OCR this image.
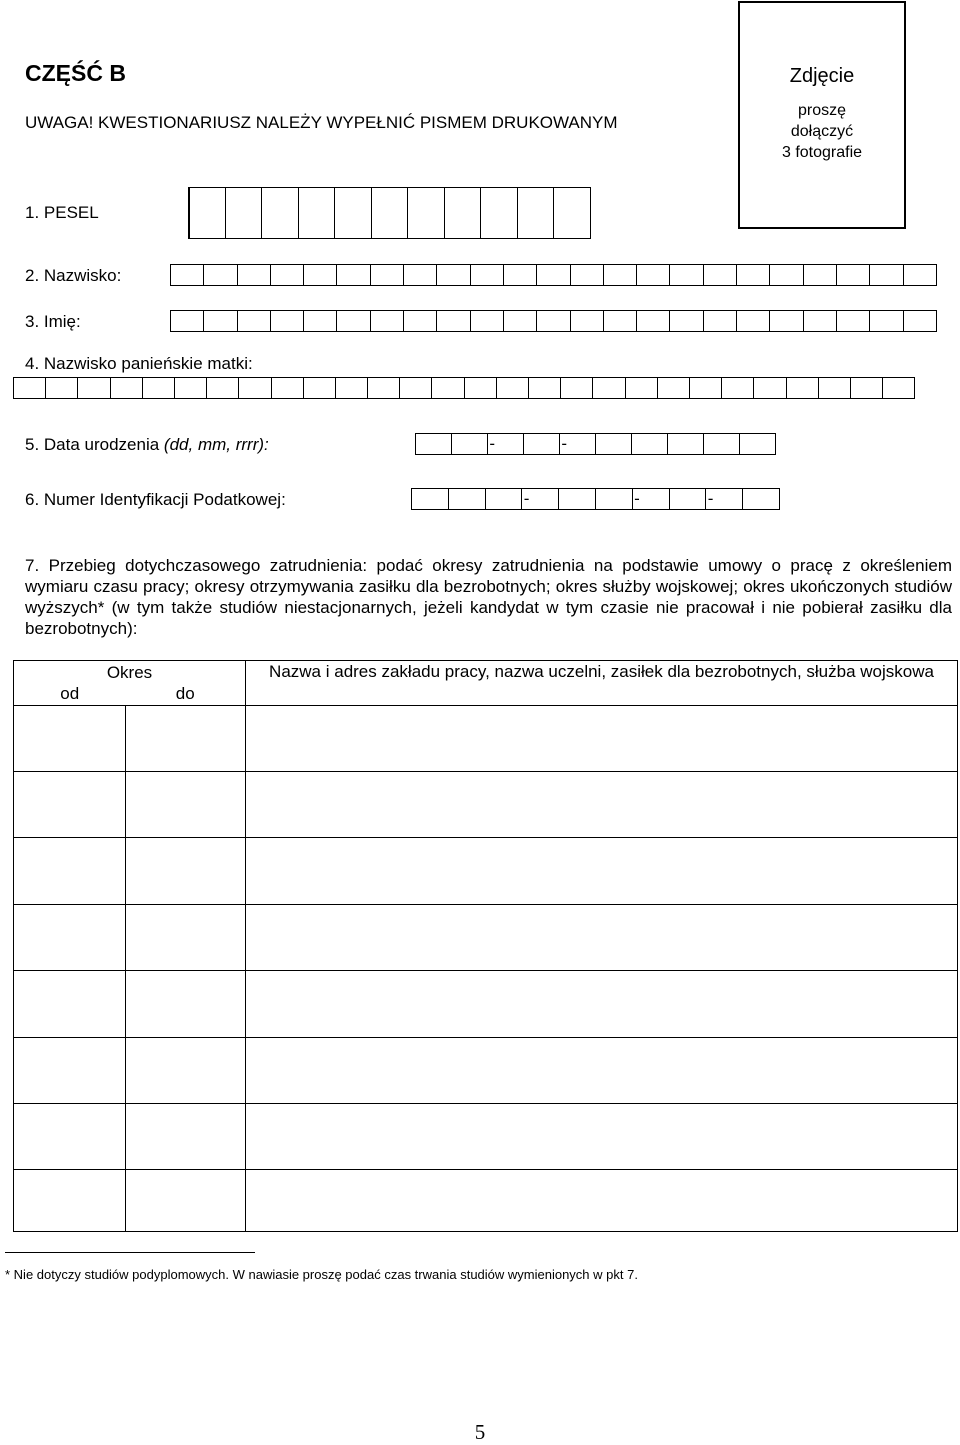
CZĘŚĆ B
UWAGA! KWESTIONARIUSZ NALEŻY WYPEŁNIĆ PISMEM DRUKOWANYM
Zdjęcie
proszę
dołączyć
3 fotografie
1. PESEL
2. Nazwisko:
3. Imię:
4. Nazwisko panieńskie matki:
5. Data urodzenia (dd, mm, rrrr):	-	-
6. Numer Identyfikacji Podatkowej:	-	-	-
7. Przebieg dotychczasowego zatrudnienia: podać okresy zatrudnienia na podstawie umowy o pracę z określeniem wymiaru czasu pracy; okresy otrzymywania zasiłku dla bezrobotnych; okres służby wojskowej; okres ukończonych studiów wyższych* (w tym także studiów niestacjonarnych, jeżeli kandydat w tym czasie nie pracował i nie pobierał zasiłku dla bezrobotnych):
Okres		Nazwa i adres zakładu pracy, nazwa uczelni, zasiłek dla bezrobotnych, służba wojskowa
od	do	

* Nie dotyczy studiów podyplomowych. W nawiasie proszę podać czas trwania studiów wymienionych w pkt 7.
5
